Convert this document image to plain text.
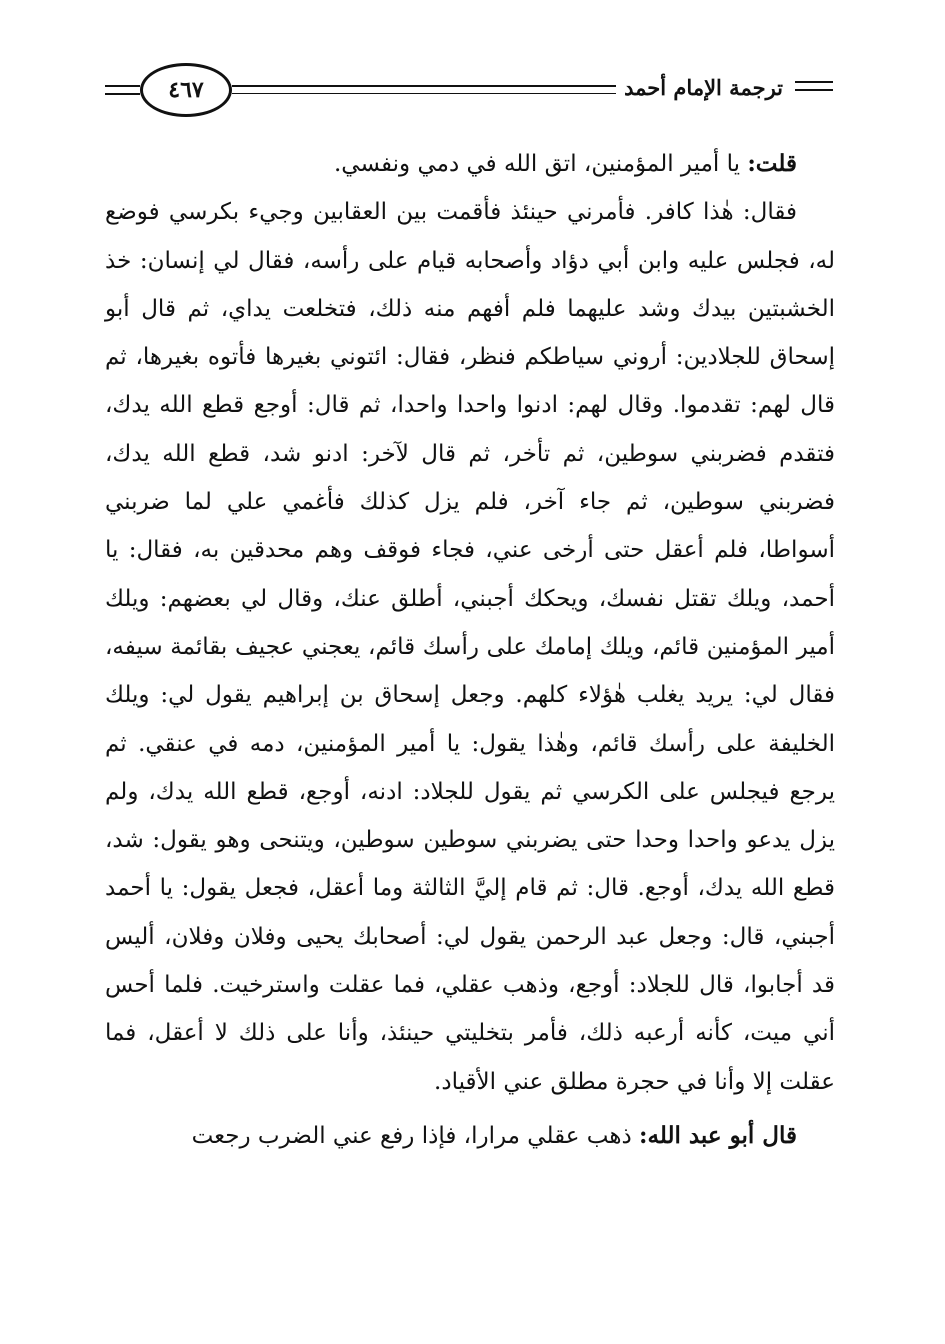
٤٦٧	ترجمة الإمام أحمد

قلت: يا أمير المؤمنين، اتق الله في دمي ونفسي.

فقال: هٰذا كافر. فأمرني حينئذ فأقمت بين العقابين وجيء بكرسي فوضع له، فجلس عليه وابن أبي دؤاد وأصحابه قيام على رأسه، فقال لي إنسان: خذ الخشبتين بيدك وشد عليهما فلم أفهم منه ذلك، فتخلعت يداي، ثم قال أبو إسحاق للجلادين: أروني سياطكم فنظر، فقال: ائتوني بغيرها فأتوه بغيرها، ثم قال لهم: تقدموا. وقال لهم: ادنوا واحدا واحدا، ثم قال: أوجع قطع الله يدك، فتقدم فضربني سوطين، ثم تأخر، ثم قال لآخر: ادنو شد، قطع الله يدك، فضربني سوطين، ثم جاء آخر، فلم يزل كذلك فأغمي علي لما ضربني أسواطا، فلم أعقل حتى أرخى عني، فجاء فوقف وهم محدقين به، فقال: يا أحمد، ويلك تقتل نفسك، ويحكك أجبني، أطلق عنك، وقال لي بعضهم: ويلك أمير المؤمنين قائم، ويلك إمامك على رأسك قائم، يعجني عجيف بقائمة سيفه، فقال لي: يريد يغلب هٰؤلاء كلهم. وجعل إسحاق بن إبراهيم يقول لي: ويلك الخليفة على رأسك قائم، وهٰذا يقول: يا أمير المؤمنين، دمه في عنقي. ثم يرجع فيجلس على الكرسي ثم يقول للجلاد: ادنه، أوجع، قطع الله يدك، ولم يزل يدعو واحدا وحدا حتى يضربني سوطين سوطين، ويتنحى وهو يقول: شد، قطع الله يدك، أوجع. قال: ثم قام إليَّ الثالثة وما أعقل، فجعل يقول: يا أحمد أجبني، قال: وجعل عبد الرحمن يقول لي: أصحابك يحيى وفلان وفلان، أليس قد أجابوا، قال للجلاد: أوجع، وذهب عقلي، فما عقلت واسترخيت. فلما أحس أني ميت، كأنه أرعبه ذلك، فأمر بتخليتي حينئذ، وأنا على ذلك لا أعقل، فما عقلت إلا وأنا في حجرة مطلق عني الأقياد.

قال أبو عبد الله: ذهب عقلي مرارا، فإذا رفع عني الضرب رجعت
